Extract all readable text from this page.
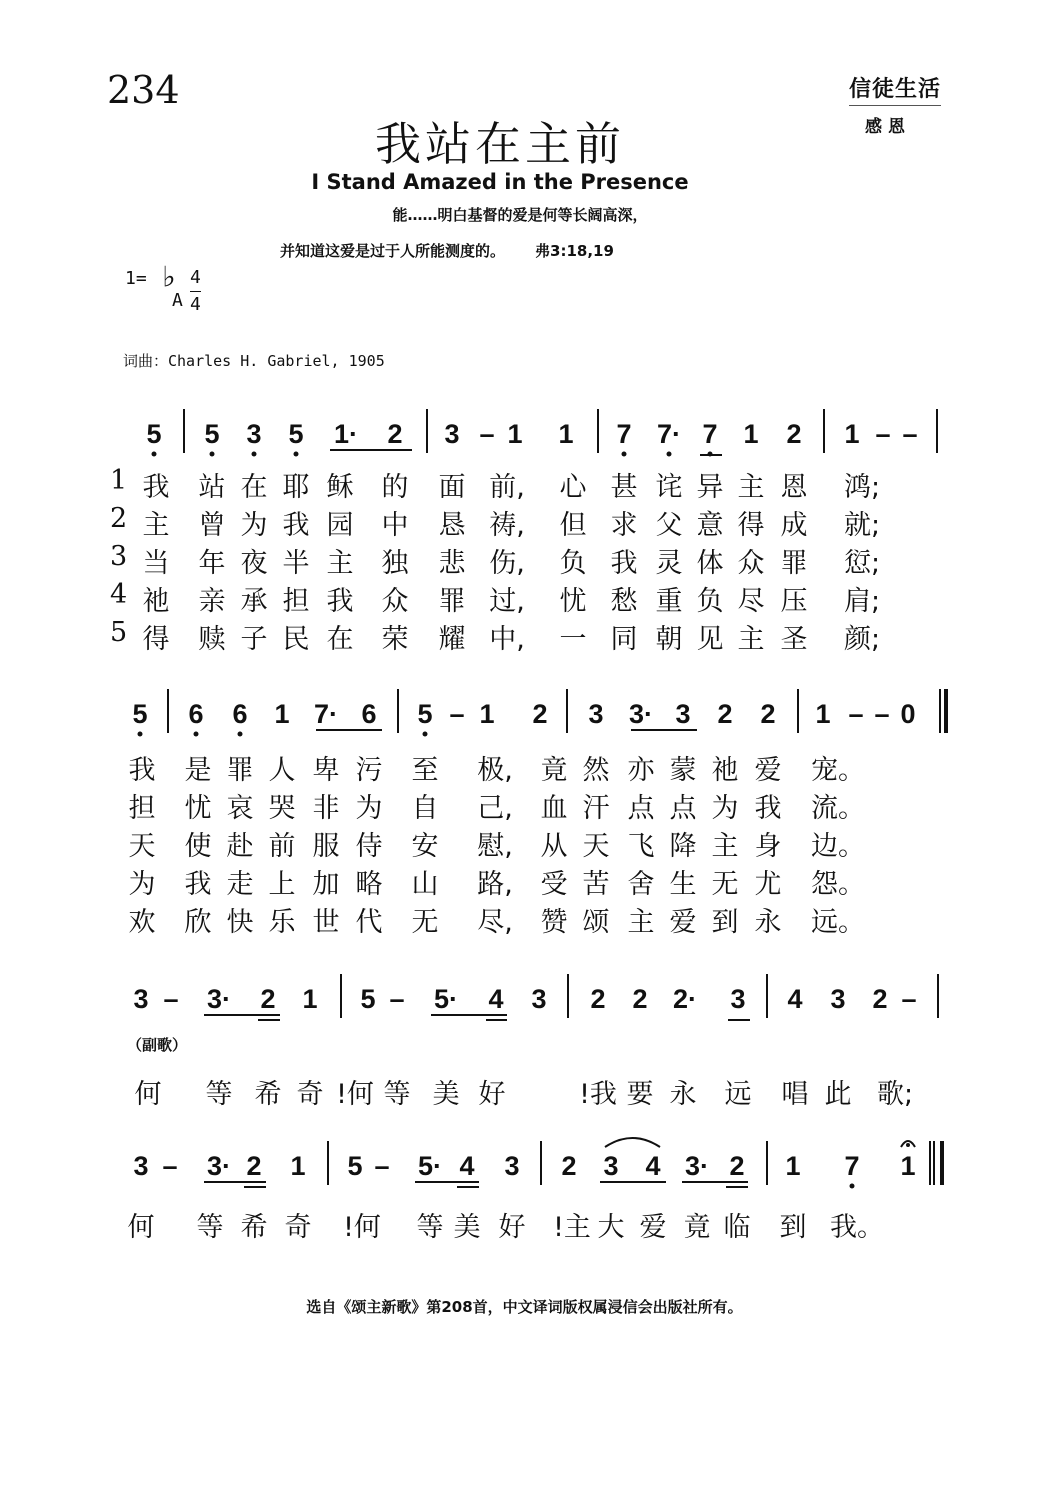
234	信徒生活
感恩
我站在主前
I Stand Amazed in the Presence
能……明白基督的爱是何等长阔高深，
并知道这爱是过于人所能测度的。 弗3:18,19
1= ♭
A
4
4
词曲：Charles H. Gabriel, 1905
5 5 3 5 1· 2 3 – 1 1 7 7· 7 1 2 1 – –
1 我 站 在 耶 稣 的 面 前, 心 甚 诧 异 主 恩 鸿;
2 主 曾 为 我 园 中 恳 祷, 但 求 父 意 得 成 就;
3 当 年 夜 半 主 独 悲 伤, 负 我 灵 体 众 罪 愆;
4 祂 亲 承 担 我 众 罪 过, 忧 愁 重 负 尽 压 肩;
5 得 赎 子 民 在 荣 耀 中, 一 同 朝 见 主 圣 颜;
5 6 6 1 7· 6 5 – 1 2 3 3· 3 2 2 1 – – 0
我 是 罪 人 卑 污 至 极, 竟 然 亦 蒙 祂 爱 宠。
担 忧 哀 哭 非 为 自 己, 血 汗 点 点 为 我 流。
天 使 赴 前 服 侍 安 慰, 从 天 飞 降 主 身 边。
为 我 走 上 加 略 山 路, 受 苦 舍 生 无 尤 怨。
欢 欣 快 乐 世 代 无 尽, 赞 颂 主 爱 到 永 远。
3 – 3· 2 1 5 – 5· 4 3 2 2 2· 3 4 3 2 –
（副歌）
何 等 希 奇 !何 等 美 好	!我 要 永 远 唱 此 歌;
3 – 3· 2 1 5 – 5· 4 3 2 3 4 3· 2 1 7 1
何 等 希 奇 !何 等 美 好 !主 大 爱 竟 临 到 我。
选自《颂主新歌》第208首，中文译词版权属浸信会出版社所有。
